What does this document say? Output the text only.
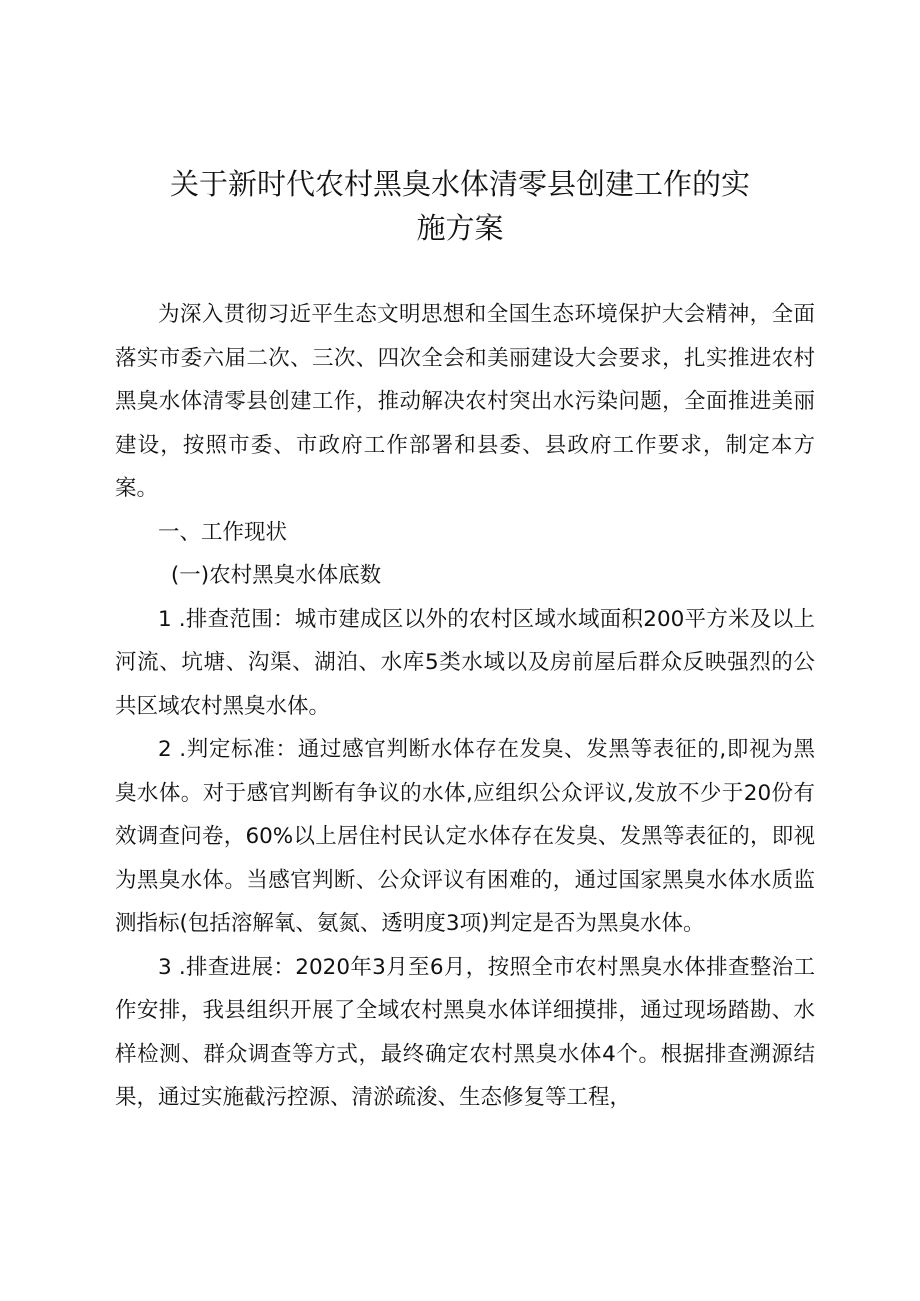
关于新时代农村黑臭水体清零县创建工作的实
施方案

为深入贯彻习近平生态文明思想和全国生态环境保护大会精神，全面落实市委六届二次、三次、四次全会和美丽建设大会要求，扎实推进农村黑臭水体清零县创建工作，推动解决农村突出水污染问题，全面推进美丽建设，按照市委、市政府工作部署和县委、县政府工作要求，制定本方案。

一、工作现状

(一)农村黑臭水体底数

1 .排查范围：城市建成区以外的农村区域水域面积200平方米及以上河流、坑塘、沟渠、湖泊、水库5类水域以及房前屋后群众反映强烈的公共区域农村黑臭水体。

2 .判定标准：通过感官判断水体存在发臭、发黑等表征的,即视为黑臭水体。对于感官判断有争议的水体,应组织公众评议,发放不少于20份有效调查问卷，60%以上居住村民认定水体存在发臭、发黑等表征的，即视为黑臭水体。当感官判断、公众评议有困难的，通过国家黑臭水体水质监测指标(包括溶解氧、氨氮、透明度3项)判定是否为黑臭水体。

3 .排查进展：2020年3月至6月，按照全市农村黑臭水体排查整治工作安排，我县组织开展了全域农村黑臭水体详细摸排，通过现场踏勘、水样检测、群众调查等方式，最终确定农村黑臭水体4个。根据排查溯源结果，通过实施截污控源、清淤疏浚、生态修复等工程，
